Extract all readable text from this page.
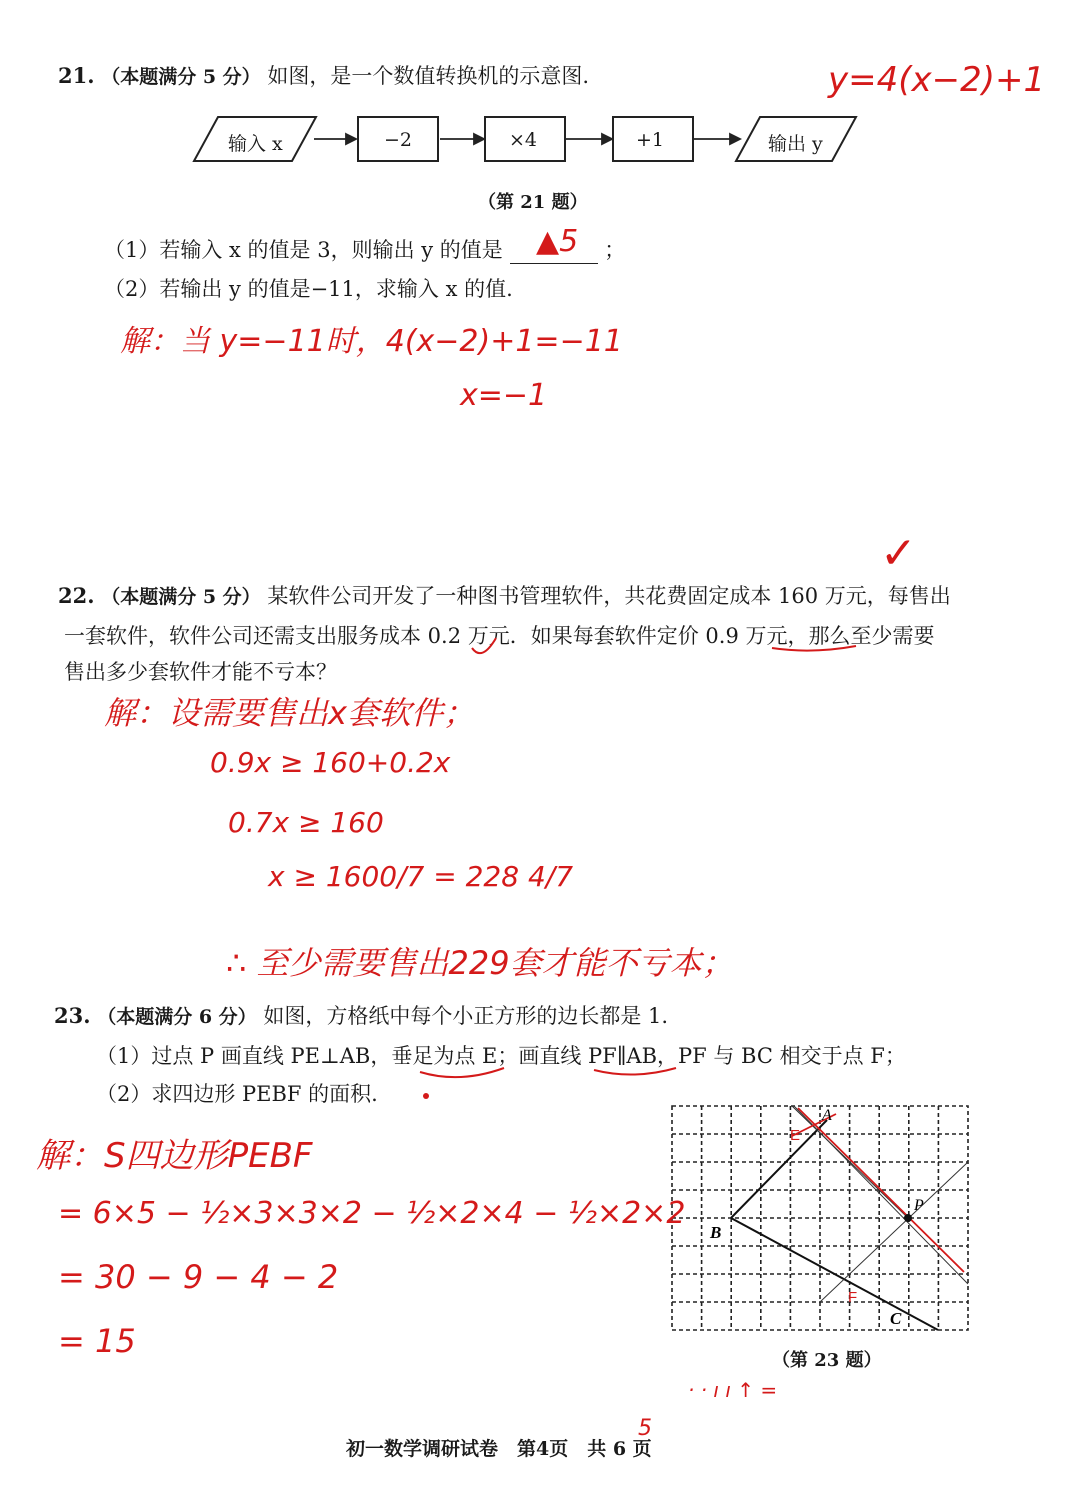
21. （本题满分 5 分） 如图，是一个数值转换机的示意图.	y=4(x−2)+1
输入 x	−2	×4	+1	输出 y
（第 21 题）
（1）若输入 x 的值是 3，则输出 y 的值是	；
▲5
（2）若输出 y 的值是−11，求输入 x 的值.
解：当 y=−11时，4(x−2)+1=−11
x=−1
✓
22. （本题满分 5 分） 某软件公司开发了一种图书管理软件，共花费固定成本 160 万元，每售出
一套软件，软件公司还需支出服务成本 0.2 万元．如果每套软件定价 0.9 万元，那么至少需要
售出多少套软件才能不亏本？
解：设需要售出x套软件；
0.9x ≥ 160+0.2x
0.7x ≥ 160
x ≥ 1600/7 = 228 4/7
∴ 至少需要售出229套才能不亏本；
23. （本题满分 6 分） 如图，方格纸中每个小正方形的边长都是 1.
（1）过点 P 画直线 PE⊥AB，垂足为点 E；画直线 PF∥AB，PF 与 BC 相交于点 F；
（2）求四边形 PEBF 的面积.
A
B
C
P
E
F
（第 23 题）
解：S四边形PEBF
= 6×5 − ½×3×3×2 − ½×2×4 − ½×2×2
= 30 − 9 − 4 − 2
= 15
· · ı ı ↑ =
5
初一数学调研试卷　第4页　共 6 页
